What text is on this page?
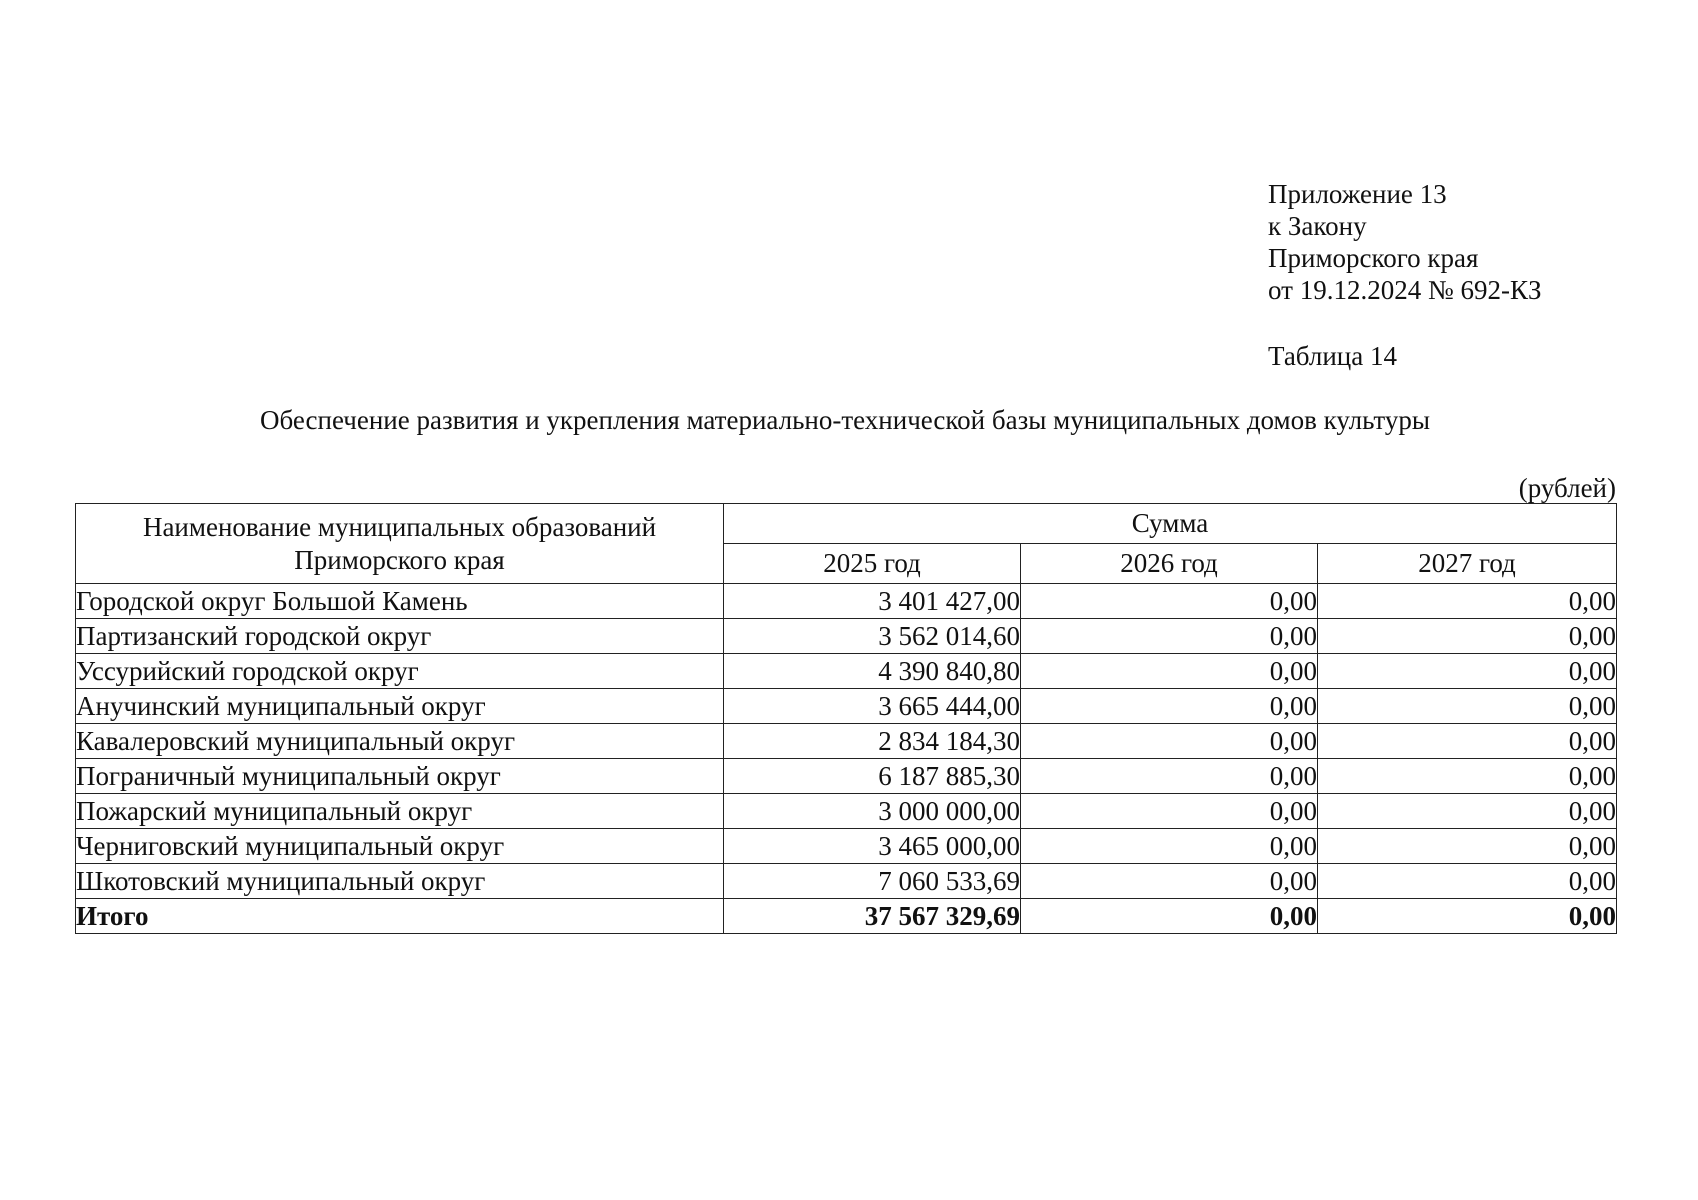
Приложение 13
к Закону
Приморского края
от 19.12.2024 № 692-КЗ
Таблица 14
Обеспечение развития и укрепления материально-технической базы муниципальных домов культуры
(рублей)
Наименование муниципальных образований
Приморского края	Сумма		
	2025 год	2026 год	2027 год
Городской округ Большой Камень	3 401 427,00	0,00	0,00
Партизанский городской округ	3 562 014,60	0,00	0,00
Уссурийский городской округ	4 390 840,80	0,00	0,00
Анучинский муниципальный округ	3 665 444,00	0,00	0,00
Кавалеровский муниципальный округ	2 834 184,30	0,00	0,00
Пограничный муниципальный округ	6 187 885,30	0,00	0,00
Пожарский муниципальный округ	3 000 000,00	0,00	0,00
Черниговский муниципальный округ	3 465 000,00	0,00	0,00
Шкотовский муниципальный округ	7 060 533,69	0,00	0,00
Итого	37 567 329,69	0,00	0,00
